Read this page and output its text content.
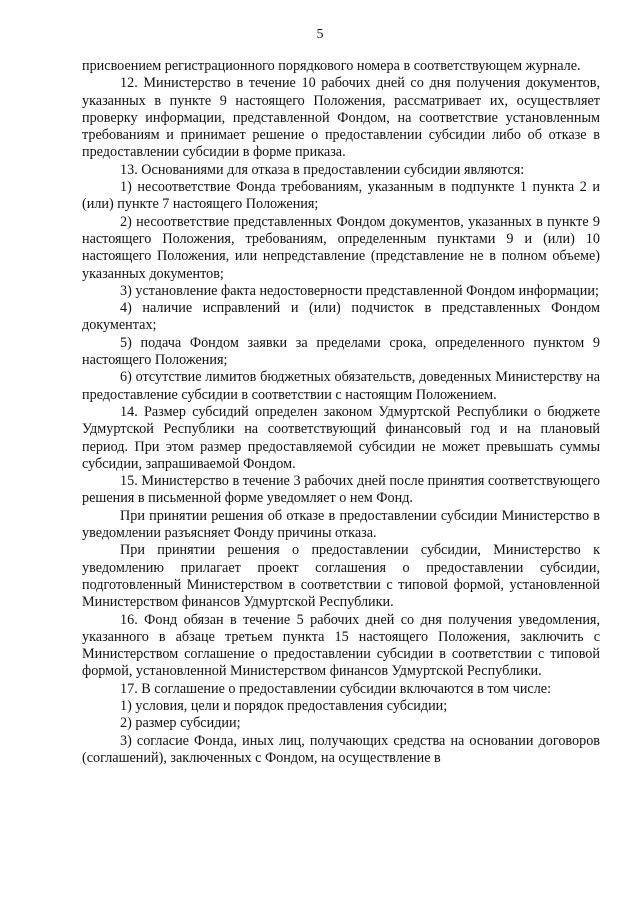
5

присвоением регистрационного порядкового номера в соответствующем журнале.

12. Министерство в течение 10 рабочих дней со дня получения документов, указанных в пункте 9 настоящего Положения, рассматривает их, осуществляет проверку информации, представленной Фондом, на соответствие установленным требованиям и принимает решение о предоставлении субсидии либо об отказе в предоставлении субсидии в форме приказа.

13. Основаниями для отказа в предоставлении субсидии являются:

1) несоответствие Фонда требованиям, указанным в подпункте 1 пункта 2 и (или) пункте 7 настоящего Положения;

2) несоответствие представленных Фондом документов, указанных в пункте 9 настоящего Положения, требованиям, определенным пунктами 9 и (или) 10 настоящего Положения, или непредставление (представление не в полном объеме) указанных документов;

3) установление факта недостоверности представленной Фондом информации;

4) наличие исправлений и (или) подчисток в представленных Фондом документах;

5) подача Фондом заявки за пределами срока, определенного пунктом 9 настоящего Положения;

6) отсутствие лимитов бюджетных обязательств, доведенных Министерству на предоставление субсидии в соответствии с настоящим Положением.

14. Размер субсидий определен законом Удмуртской Республики о бюджете Удмуртской Республики на соответствующий финансовый год и на плановый период. При этом размер предоставляемой субсидии не может превышать суммы субсидии, запрашиваемой Фондом.

15. Министерство в течение 3 рабочих дней после принятия соответствующего решения в письменной форме уведомляет о нем Фонд.

При принятии решения об отказе в предоставлении субсидии Министерство в уведомлении разъясняет Фонду причины отказа.

При принятии решения о предоставлении субсидии, Министерство к уведомлению прилагает проект соглашения о предоставлении субсидии, подготовленный Министерством в соответствии с типовой формой, установленной Министерством финансов Удмуртской Республики.

16. Фонд обязан в течение 5 рабочих дней со дня получения уведомления, указанного в абзаце третьем пункта 15 настоящего Положения, заключить с Министерством соглашение о предоставлении субсидии в соответствии с типовой формой, установленной Министерством финансов Удмуртской Республики.

17. В соглашение о предоставлении субсидии включаются в том числе:

1) условия, цели и порядок предоставления субсидии;

2) размер субсидии;

3) согласие Фонда, иных лиц, получающих средства на основании договоров (соглашений), заключенных с Фондом, на осуществление в
